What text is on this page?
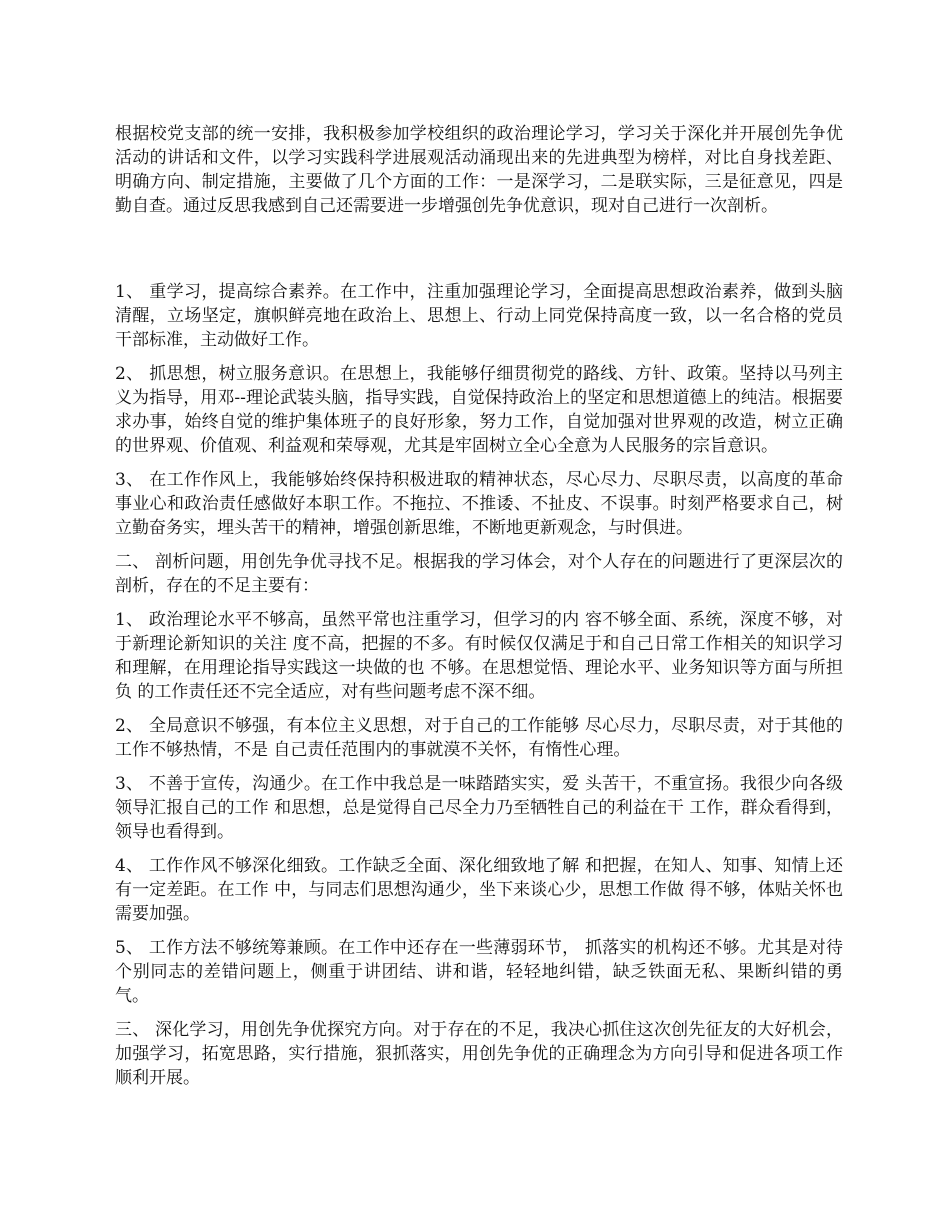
根据校党支部的统一安排，我积极参加学校组织的政治理论学习，学习关于深化并开展创先争优活动的讲话和文件，以学习实践科学进展观活动涌现出来的先进典型为榜样，对比自身找差距、明确方向、制定措施，主要做了几个方面的工作：一是深学习，二是联实际，三是征意见，四是勤自查。通过反思我感到自己还需要进一步增强创先争优意识，现对自己进行一次剖析。

1、 重学习，提高综合素养。在工作中，注重加强理论学习，全面提高思想政治素养，做到头脑清醒，立场坚定，旗帜鲜亮地在政治上、思想上、行动上同党保持高度一致，以一名合格的党员干部标准，主动做好工作。

2、 抓思想，树立服务意识。在思想上，我能够仔细贯彻党的路线、方针、政策。坚持以马列主义为指导，用邓--理论武装头脑，指导实践，自觉保持政治上的坚定和思想道德上的纯洁。根据要求办事，始终自觉的维护集体班子的良好形象，努力工作，自觉加强对世界观的改造，树立正确的世界观、价值观、利益观和荣辱观，尤其是牢固树立全心全意为人民服务的宗旨意识。

3、 在工作作风上，我能够始终保持积极进取的精神状态，尽心尽力、尽职尽责，以高度的革命事业心和政治责任感做好本职工作。不拖拉、不推诿、不扯皮、不误事。时刻严格要求自己，树立勤奋务实，埋头苦干的精神，增强创新思维，不断地更新观念，与时俱进。

二、 剖析问题，用创先争优寻找不足。根据我的学习体会，对个人存在的问题进行了更深层次的剖析，存在的不足主要有：

1、 政治理论水平不够高，虽然平常也注重学习，但学习的内 容不够全面、系统，深度不够，对于新理论新知识的关注 度不高，把握的不多。有时候仅仅满足于和自己日常工作相关的知识学习和理解，在用理论指导实践这一块做的也 不够。在思想觉悟、理论水平、业务知识等方面与所担负 的工作责任还不完全适应，对有些问题考虑不深不细。

2、 全局意识不够强，有本位主义思想，对于自己的工作能够 尽心尽力，尽职尽责，对于其他的工作不够热情，不是 自己责任范围内的事就漠不关怀，有惰性心理。

3、 不善于宣传，沟通少。在工作中我总是一味踏踏实实，爱 头苦干，不重宣扬。我很少向各级领导汇报自己的工作 和思想，总是觉得自己尽全力乃至牺牲自己的利益在干 工作，群众看得到，领导也看得到。

4、 工作作风不够深化细致。工作缺乏全面、深化细致地了解 和把握，在知人、知事、知情上还有一定差距。在工作 中，与同志们思想沟通少，坐下来谈心少，思想工作做 得不够，体贴关怀也需要加强。

5、 工作方法不够统筹兼顾。在工作中还存在一些薄弱环节， 抓落实的机构还不够。尤其是对待个别同志的差错问题上，侧重于讲团结、讲和谐，轻轻地纠错，缺乏铁面无私、果断纠错的勇气。

三、 深化学习，用创先争优探究方向。对于存在的不足，我决心抓住这次创先征友的大好机会，加强学习，拓宽思路，实行措施，狠抓落实，用创先争优的正确理念为方向引导和促进各项工作顺利开展。
